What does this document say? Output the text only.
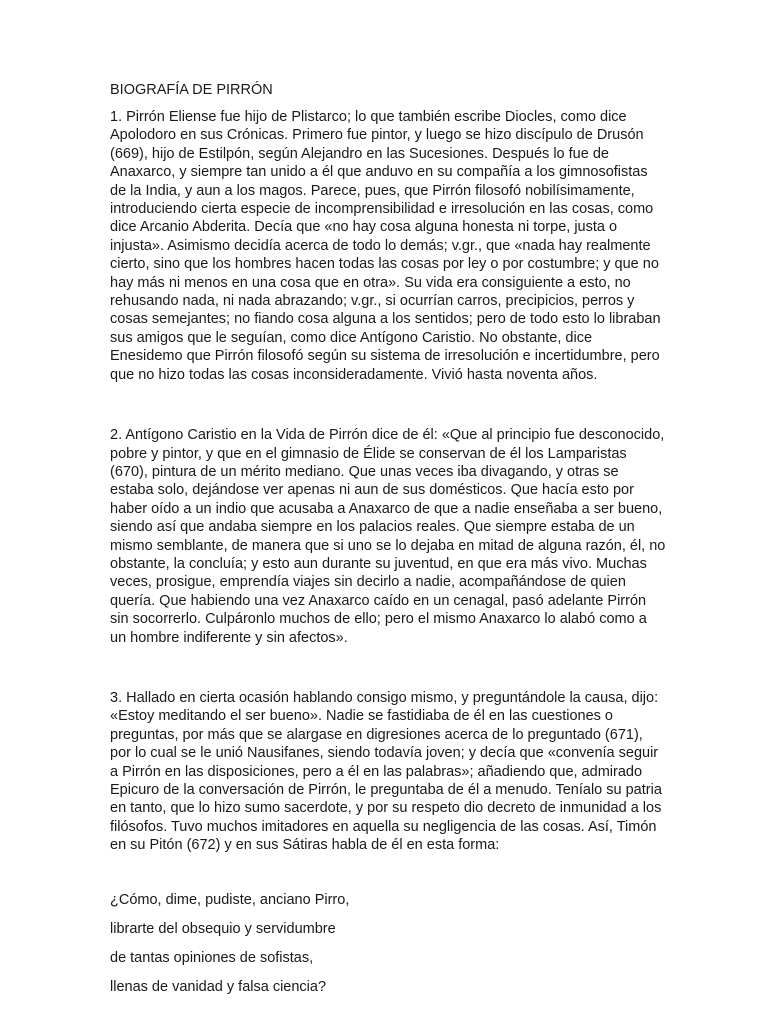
BIOGRAFÍA DE PIRRÓN

1. Pirrón Eliense fue hijo de Plistarco; lo que también escribe Diocles, como dice Apolodoro en sus Crónicas. Primero fue pintor, y luego se hizo discípulo de Drusón (669), hijo de Estilpón, según Alejandro en las Sucesiones. Después lo fue de Anaxarco, y siempre tan unido a él que anduvo en su compañía a los gimnosofistas de la India, y aun a los magos. Parece, pues, que Pirrón filosofó nobilísimamente, introduciendo cierta especie de incomprensibilidad e irresolución en las cosas, como dice Arcanio Abderita. Decía que «no hay cosa alguna honesta ni torpe, justa o injusta». Asimismo decidía acerca de todo lo demás; v.gr., que «nada hay realmente cierto, sino que los hombres hacen todas las cosas por ley o por costumbre; y que no hay más ni menos en una cosa que en otra». Su vida era consiguiente a esto, no rehusando nada, ni nada abrazando; v.gr., si ocurrían carros, precipicios, perros y cosas semejantes; no fiando cosa alguna a los sentidos; pero de todo esto lo libraban sus amigos que le seguían, como dice Antígono Caristio. No obstante, dice Enesidemo que Pirrón filosofó según su sistema de irresolución e incertidumbre, pero que no hizo todas las cosas inconsideradamente. Vivió hasta noventa años.

2. Antígono Caristio en la Vida de Pirrón dice de él: «Que al principio fue desconocido, pobre y pintor, y que en el gimnasio de Élide se conservan de él los Lamparistas (670), pintura de un mérito mediano. Que unas veces iba divagando, y otras se estaba solo, dejándose ver apenas ni aun de sus domésticos. Que hacía esto por haber oído a un indio que acusaba a Anaxarco de que a nadie enseñaba a ser bueno, siendo así que andaba siempre en los palacios reales. Que siempre estaba de un mismo semblante, de manera que si uno se lo dejaba en mitad de alguna razón, él, no obstante, la concluía; y esto aun durante su juventud, en que era más vivo. Muchas veces, prosigue, emprendía viajes sin decirlo a nadie, acompañándose de quien quería. Que habiendo una vez Anaxarco caído en un cenagal, pasó adelante Pirrón sin socorrerlo. Culpáronlo muchos de ello; pero el mismo Anaxarco lo alabó como a un hombre indiferente y sin afectos».

3. Hallado en cierta ocasión hablando consigo mismo, y preguntándole la causa, dijo: «Estoy meditando el ser bueno». Nadie se fastidiaba de él en las cuestiones o preguntas, por más que se alargase en digresiones acerca de lo preguntado (671), por lo cual se le unió Nausifanes, siendo todavía joven; y decía que «convenía seguir a Pirrón en las disposiciones, pero a él en las palabras»; añadiendo que, admirado Epicuro de la conversación de Pirrón, le preguntaba de él a menudo. Teníalo su patria en tanto, que lo hizo sumo sacerdote, y por su respeto dio decreto de inmunidad a los filósofos. Tuvo muchos imitadores en aquella su negligencia de las cosas. Así, Timón en su Pitón (672) y en sus Sátiras habla de él en esta forma:

¿Cómo, dime, pudiste, anciano Pirro,

librarte del obsequio y servidumbre

de tantas opiniones de sofistas,

llenas de vanidad y falsa ciencia?
